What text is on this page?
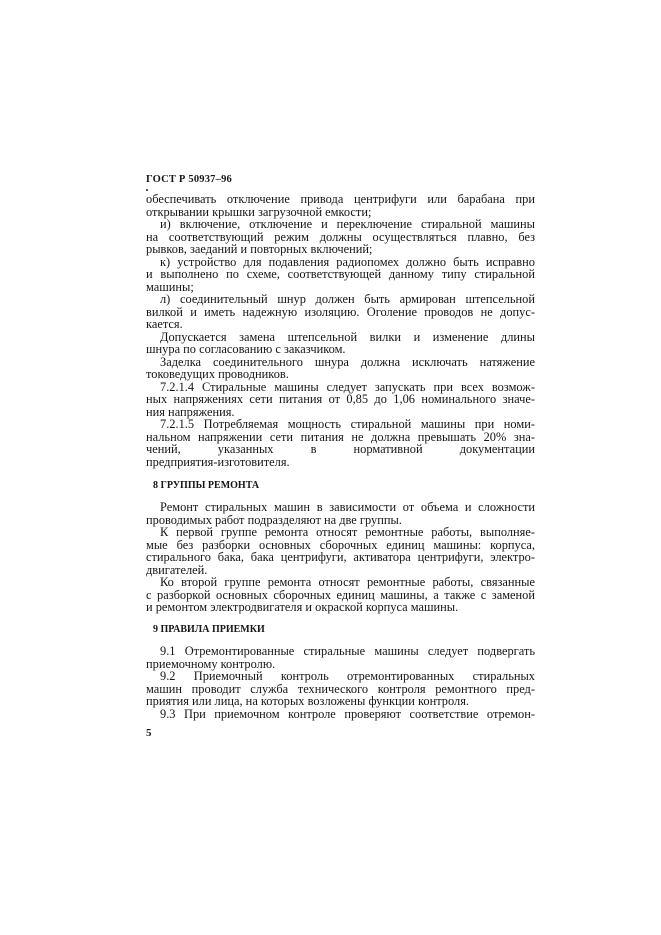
ГОСТ Р 50937–96
обеспечивать отключение привода центрифуги или барабана при
открывании крышки загрузочной емкости;
и) включение, отключение и переключение стиральной машины
на соответствующий режим должны осуществляться плавно, без
рывков, заеданий и повторных включений;
к) устройство для подавления радиопомех должно быть исправно
и выполнено по схеме, соответствующей данному типу стиральной
машины;
л) соединительный шнур должен быть армирован штепсельной
вилкой и иметь надежную изоляцию. Оголение проводов не допус-
кается.
Допускается замена штепсельной вилки и изменение длины
шнура по согласованию с заказчиком.
Заделка соединительного шнура должна исключать натяжение
токоведущих проводников.
7.2.1.4 Стиральные машины следует запускать при всех возмож-
ных напряжениях сети питания от 0,85 до 1,06 номинального значе-
ния напряжения.
7.2.1.5 Потребляемая мощность стиральной машины при номи-
нальном напряжении сети питания не должна превышать 20% зна-
чений, указанных в нормативной документации
предприятия-изготовителя.
8 ГРУППЫ РЕМОНТА
Ремонт стиральных машин в зависимости от объема и сложности
проводимых работ подразделяют на две группы.
К первой группе ремонта относят ремонтные работы, выполняе-
мые без разборки основных сборочных единиц машины: корпуса,
стирального бака, бака центрифуги, активатора центрифуги, электро-
двигателей.
Ко второй группе ремонта относят ремонтные работы, связанные
с разборкой основных сборочных единиц машины, а также с заменой
и ремонтом электродвигателя и окраской корпуса машины.
9 ПРАВИЛА ПРИЕМКИ
9.1 Отремонтированные стиральные машины следует подвергать
приемочному контролю.
9.2 Приемочный контроль отремонтированных стиральных
машин проводит служба технического контроля ремонтного пред-
приятия или лица, на которых возложены функции контроля.
9.3 При приемочном контроле проверяют соответствие отремон-
5
